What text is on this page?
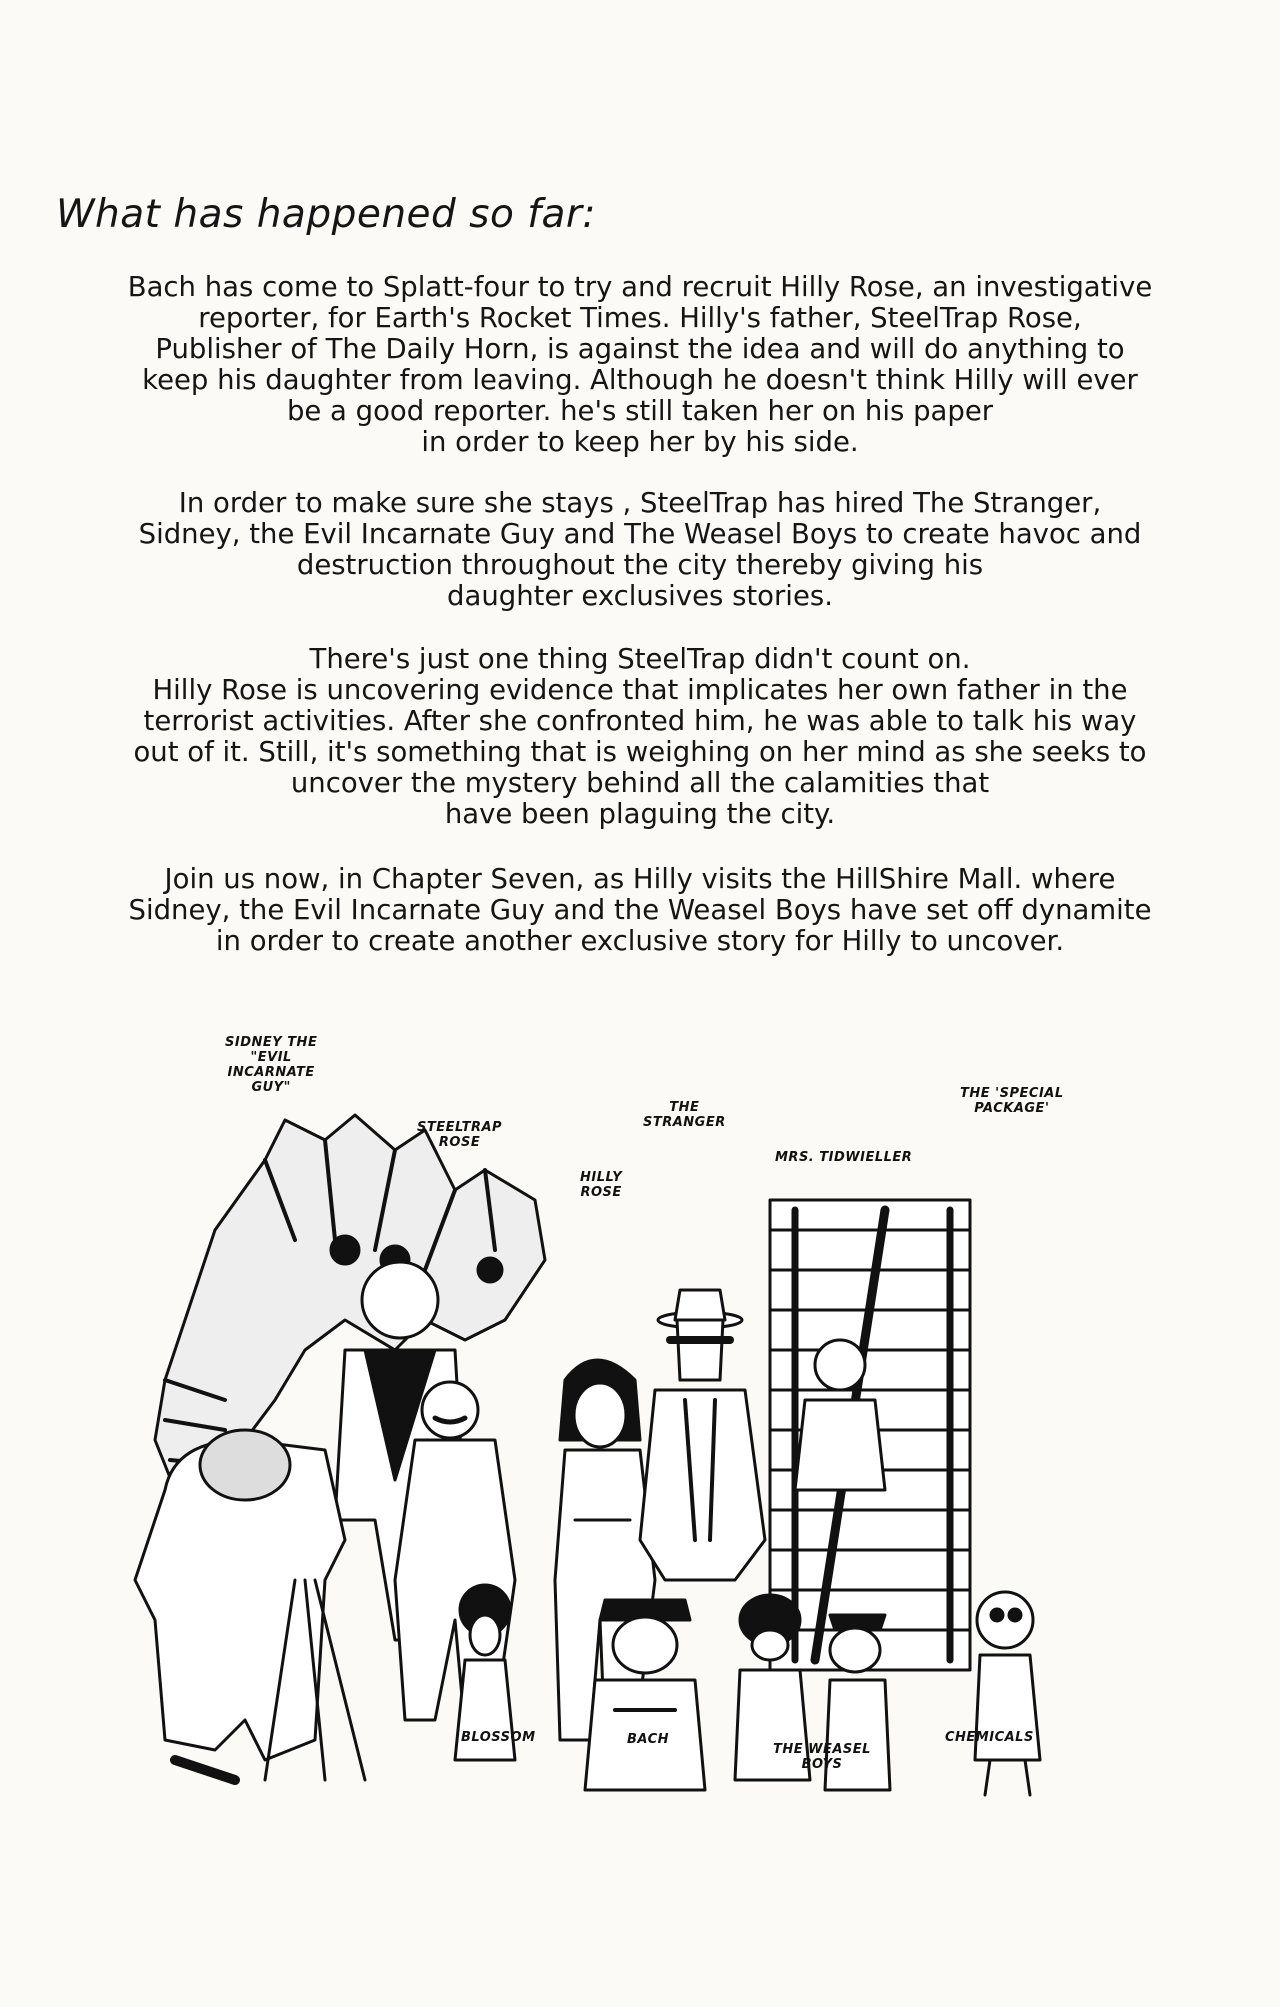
What has happened so far:

Bach has come to Splatt-four to try and recruit Hilly Rose, an investigative
reporter, for Earth's Rocket Times. Hilly's father, SteelTrap Rose,
Publisher of The Daily Horn, is against the idea and will do anything to
keep his daughter from leaving. Although he doesn't think Hilly will ever
be a good reporter. he's still taken her on his paper
in order to keep her by his side.

In order to make sure she stays , SteelTrap has hired The Stranger,
Sidney, the Evil Incarnate Guy and The Weasel Boys to create havoc and
destruction throughout the city thereby giving his
daughter exclusives stories.

There's just one thing SteelTrap didn't count on.
Hilly Rose is uncovering evidence that implicates her own father in the
terrorist activities. After she confronted him, he was able to talk his way
out of it. Still, it's something that is weighing on her mind as she seeks to
uncover the mystery behind all the calamities that
have been plaguing the city.

Join us now, in Chapter Seven, as Hilly visits the HillShire Mall. where
Sidney, the Evil Incarnate Guy and the Weasel Boys have set off dynamite
in order to create another exclusive story for Hilly to uncover.

SIDNEY THE
"EVIL
INCARNATE
GUY"
STEELTRAP
ROSE
HILLY
ROSE
THE
STRANGER
MRS. TIDWIELLER
THE 'SPECIAL
PACKAGE'
BLOSSOM	BACH
THE WEASEL
BOYS
CHEMICALS
